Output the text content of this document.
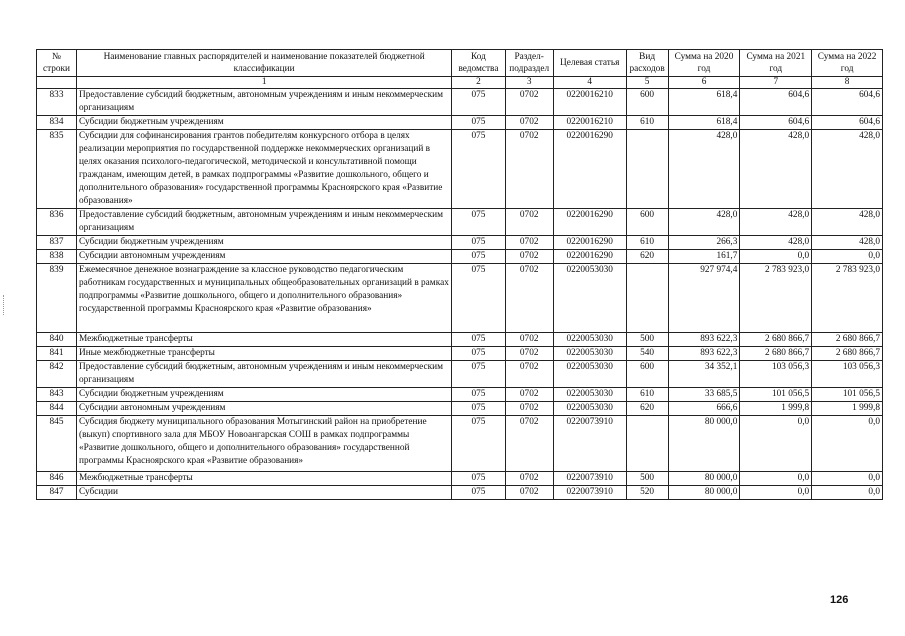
№ строки	Наименование главных распорядителей и наименование показателей бюджетной классификации	Код ведомства	Раздел-подраздел	Целевая статья	Вид расходов	Сумма на 2020 год	Сумма на 2021 год	Сумма на 2022 год
	1	2	3	4	5	6	7	8
833	Предоставление субсидий бюджетным, автономным учреждениям и иным некоммерческим организациям	075	0702	0220016210	600	618,4	604,6	604,6
834	Субсидии бюджетным учреждениям	075	0702	0220016210	610	618,4	604,6	604,6
835	Субсидии для софинансирования грантов победителям конкурсного отбора в целях реализации мероприятия по государственной поддержке некоммерческих организаций в целях оказания психолого-педагогической, методической и консультативной помощи гражданам, имеющим детей, в рамках подпрограммы «Развитие дошкольного, общего и дополнительного образования» государственной программы Красноярского края «Развитие образования»	075	0702	0220016290		428,0	428,0	428,0
836	Предоставление субсидий бюджетным, автономным учреждениям и иным некоммерческим организациям	075	0702	0220016290	600	428,0	428,0	428,0
837	Субсидии бюджетным учреждениям	075	0702	0220016290	610	266,3	428,0	428,0
838	Субсидии автономным учреждениям	075	0702	0220016290	620	161,7	0,0	0,0
839	Ежемесячное денежное вознаграждение за классное руководство педагогическим работникам государственных и муниципальных общеобразовательных организаций в рамках подпрограммы «Развитие дошкольного, общего и дополнительного образования» государственной программы Красноярского края «Развитие образования»	075	0702	0220053030		927 974,4	2 783 923,0	2 783 923,0
840	Межбюджетные трансферты	075	0702	0220053030	500	893 622,3	2 680 866,7	2 680 866,7
841	Иные межбюджетные трансферты	075	0702	0220053030	540	893 622,3	2 680 866,7	2 680 866,7
842	Предоставление субсидий бюджетным, автономным учреждениям и иным некоммерческим организациям	075	0702	0220053030	600	34 352,1	103 056,3	103 056,3
843	Субсидии бюджетным учреждениям	075	0702	0220053030	610	33 685,5	101 056,5	101 056,5
844	Субсидии автономным учреждениям	075	0702	0220053030	620	666,6	1 999,8	1 999,8
845	Субсидия бюджету муниципального образования Мотыгинский район на приобретение (выкуп) спортивного зала для МБОУ Новоангарская СОШ в рамках подпрограммы «Развитие дошкольного, общего и дополнительного образования» государственной программы Красноярского края «Развитие образования»	075	0702	0220073910		80 000,0	0,0	0,0
846	Межбюджетные трансферты	075	0702	0220073910	500	80 000,0	0,0	0,0
847	Субсидии	075	0702	0220073910	520	80 000,0	0,0	0,0
126
